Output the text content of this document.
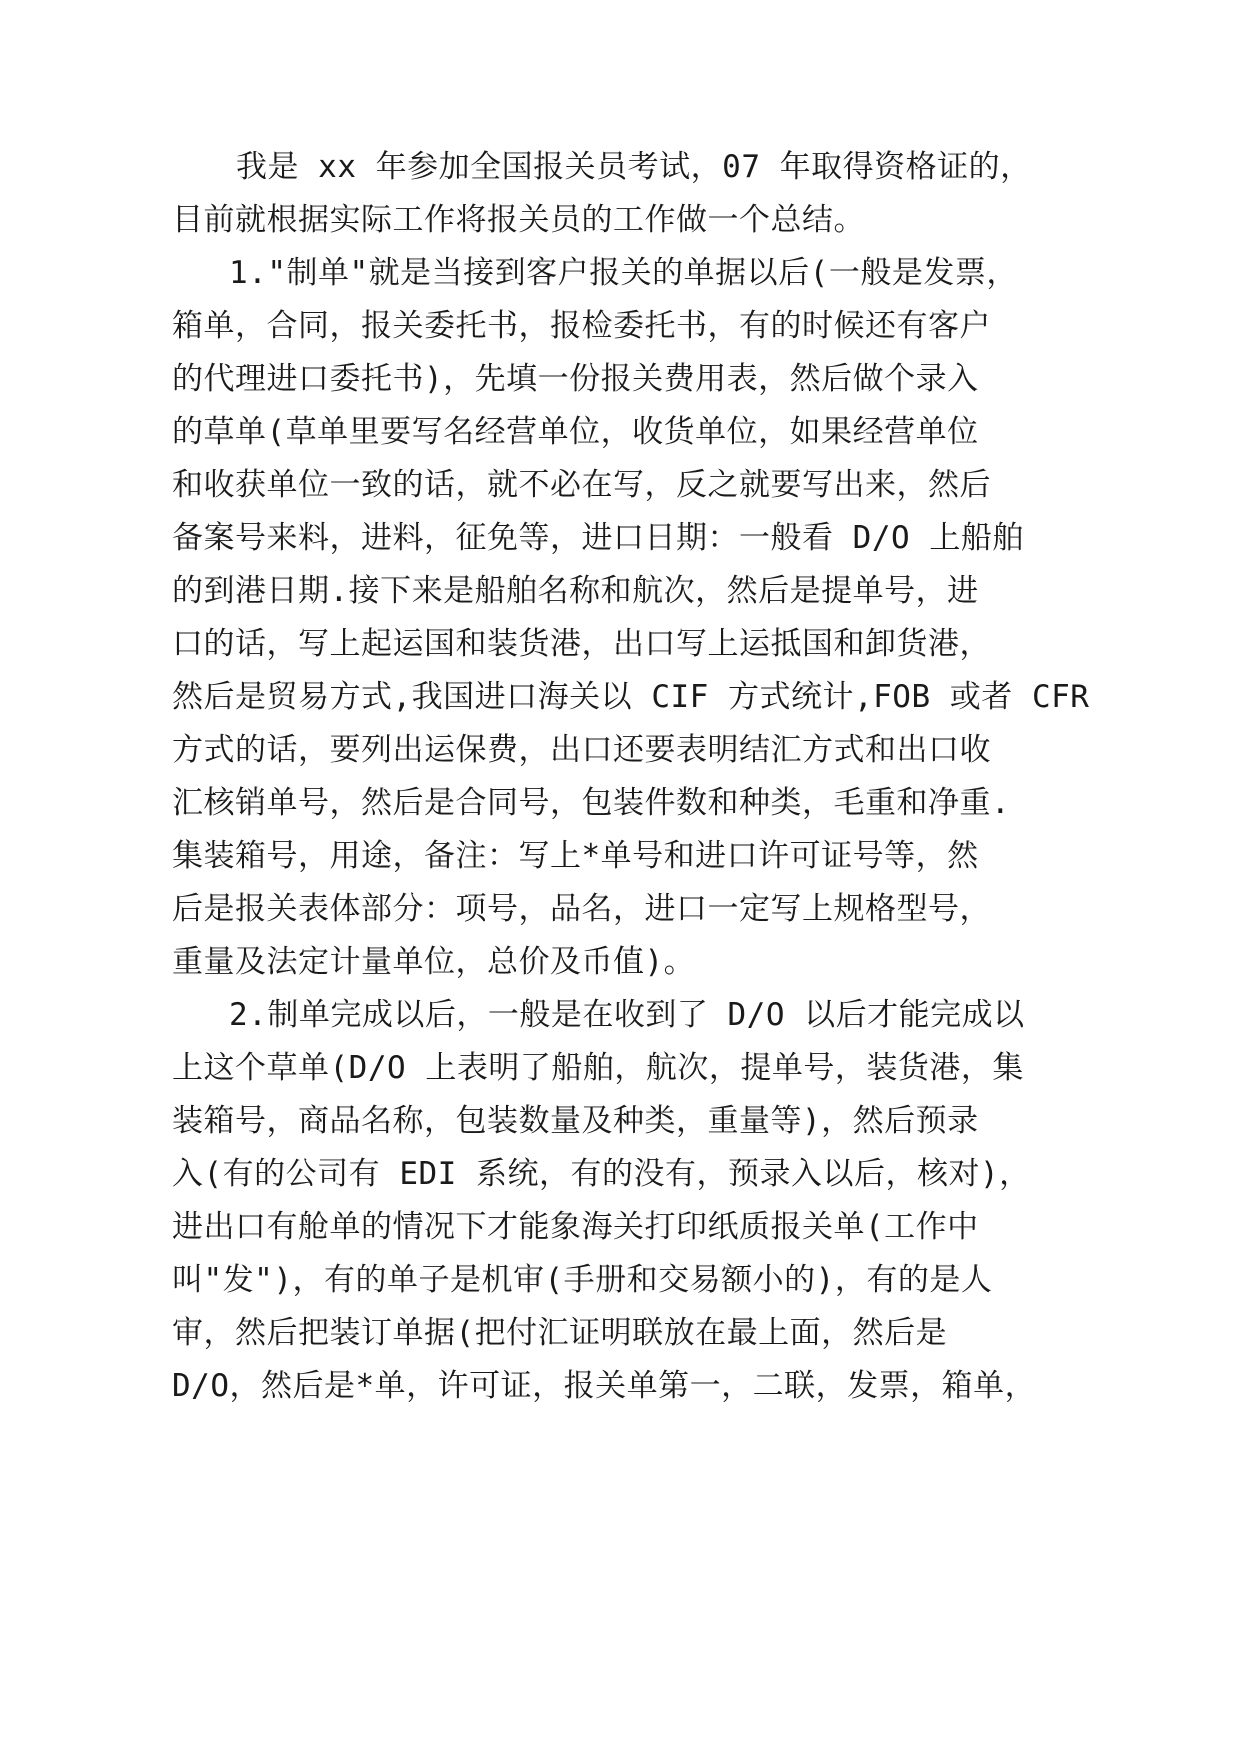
我是 xx 年参加全国报关员考试，07 年取得资格证的，
目前就根据实际工作将报关员的工作做一个总结。
1."制单"就是当接到客户报关的单据以后(一般是发票，
箱单，合同，报关委托书，报检委托书，有的时候还有客户
的代理进口委托书)，先填一份报关费用表，然后做个录入
的草单(草单里要写名经营单位，收货单位，如果经营单位
和收获单位一致的话，就不必在写，反之就要写出来，然后
备案号来料，进料，征免等，进口日期：一般看 D/O 上船舶
的到港日期.接下来是船舶名称和航次，然后是提单号，进
口的话，写上起运国和装货港，出口写上运抵国和卸货港，
然后是贸易方式,我国进口海关以 CIF 方式统计,FOB 或者 CFR
方式的话，要列出运保费，出口还要表明结汇方式和出口收
汇核销单号，然后是合同号，包装件数和种类，毛重和净重.
集装箱号，用途，备注：写上*单号和进口许可证号等，然
后是报关表体部分：项号，品名，进口一定写上规格型号，
重量及法定计量单位，总价及币值)。
2.制单完成以后，一般是在收到了 D/O 以后才能完成以
上这个草单(D/O 上表明了船舶，航次，提单号，装货港，集
装箱号，商品名称，包装数量及种类，重量等)，然后预录
入(有的公司有 EDI 系统，有的没有，预录入以后，核对)，
进出口有舱单的情况下才能象海关打印纸质报关单(工作中
叫"发")，有的单子是机审(手册和交易额小的)，有的是人
审，然后把装订单据(把付汇证明联放在最上面，然后是
D/O，然后是*单，许可证，报关单第一，二联，发票，箱单，
